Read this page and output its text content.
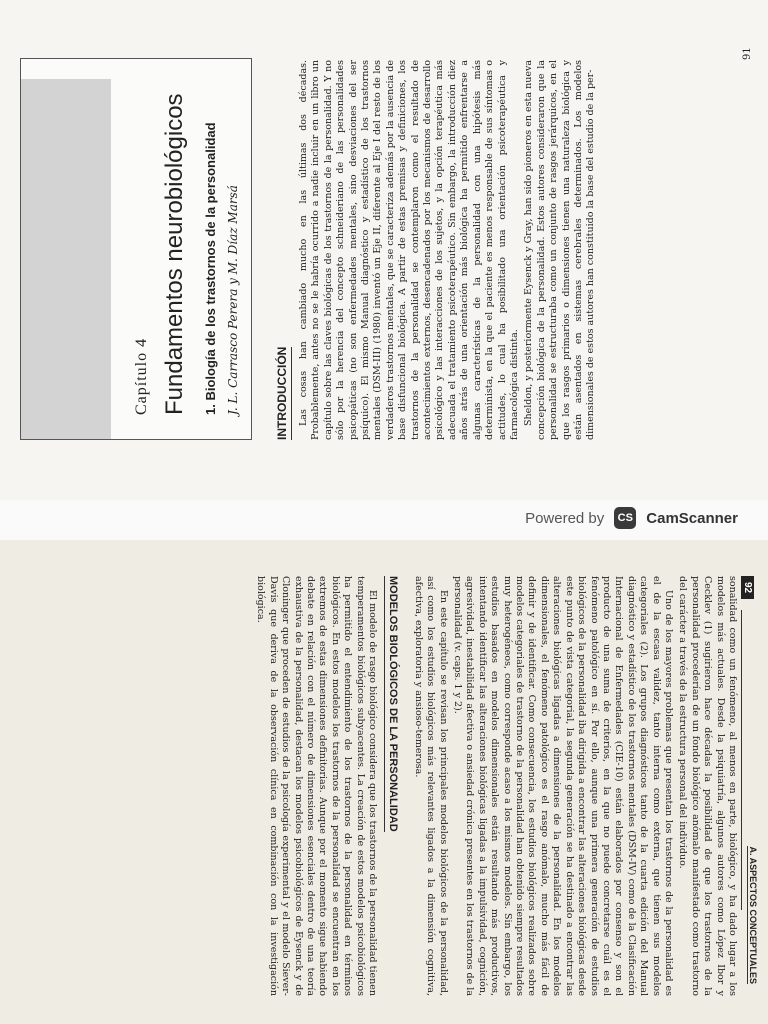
Capítulo 4 Fundamentos neurobiológicos 1. Biología de los trastornos de la personalidad J. L. Carrasco Perera y M. Díaz Marsá	INTRODUCCIÓN Las cosas han cambiado mucho en las últimas dos décadas. Probablemente, antes no se le habría ocurrido a nadie incluir en un libro un capítulo sobre las claves biológicas de los trastornos de la personalidad. Y no sólo por la herencia del concepto schneideriano de las personalidades psicopáticas (no son enfermedades mentales, sino desviaciones del ser psíquico). El mismo Manual diagnóstico y estadístico de los trastornos mentales (DSM-III) (1980) inventó un Eje II, diferente al Eje I del resto de los verdaderos trastornos mentales, que se caracteriza además por la ausencia de base disfuncional biológica. A partir de estas premisas y definiciones, los trastornos de la personalidad se contemplaron como el resultado de acontecimientos externos, desencadenados por los mecanismos de desarrollo psicológico y las interacciones de los sujetos, y la opción terapéutica más adecuada el tratamiento psicoterapéutico. Sin embargo, la introducción diez años atrás de una orientación más biológica ha permitido enfrentarse a algunas características de la personalidad con una hipótesis más determinista, en la que el paciente es menos responsable de sus síntomas o actitudes, lo cual ha posibilitado una orientación psicoterapéutica y farmacológica distinta. Sheldon, y posteriormente Eysenck y Gray, han sido pioneros en esta nueva concepción biológica de la personalidad. Estos autores consideraron que la personalidad se estructuraba como un conjunto de rasgos jerárquicos, en el que los rasgos primarios o dimensiones tienen una naturaleza biológica y están asentados en sistemas cerebrales determinados. Los modelos dimensionales de estos autores han constituido la base del estudio de la per-

91
Powered by	CS CamScanner
92
A. ASPECTOS CONCEPTUALES

sonalidad como un fenómeno, al menos en parte, biológico, y ha dado lugar a los modelos más actuales. Desde la psiquiatría, algunos autores como López Ibor y Cecklev (1) sugirieron hace décadas la posibilidad de que los trastornos de la personalidad procederían de un fondo biológico anómalo manifestado como trastorno del carácter a través de la estructura personal del individuo.

Uno de los mayores problemas que presentan los trastornos de la personalidad es el de la escasa validez, tanto interna como externa, que tienen sus modelos categoriales (2). Los grupos diagnósticos tanto de la cuarta edición del Manual diagnóstico y estadístico de los trastornos mentales (DSM-IV) como de la Clasificación Internacional de Enfermedades (CIE-10) están elaborados por consenso y son el producto de una suma de criterios, en la que no puede concretarse cuál es el fenómeno patológico en sí. Por ello, aunque una primera generación de estudios biológicos de la personalidad iba dirigida a encontrar las alteraciones biológicas desde este punto de vista categorial, la segunda generación se ha destinado a encontrar las alteraciones biológicas ligadas a dimensiones de la personalidad. En los modelos dimensionales, el fenómeno patológico es el rasgo anómalo, mucho más fácil de definir y de identificar. Como consecuencia, los estudios biológicos realizados sobre modelos categoriales de trastorno de la personalidad han obtenido siempre resultados muy heterogéneos, como corresponde acaso a los mismos modelos. Sin embargo, los estudios basados en modelos dimensionales están resultando más productivos, intentando identificar las alteraciones biológicas ligadas a la impulsividad, cognición, agresividad, inestabilidad afectiva o ansiedad crónica presentes en los trastornos de la personalidad (v. caps. 1 y 2).

En este capítulo se revisan los principales modelos biológicos de la personalidad, así como los estudios biológicos más relevantes ligados a la dimensión cognitiva, afectiva, exploratoria y ansioso-temerosa.

MODELOS BIOLÓGICOS DE LA PERSONALIDAD

El modelo de rasgo biológico considera que los trastornos de la personalidad tienen temperamentos biológicos subyacentes. La creación de estos modelos psicobiológicos ha permitido el entendimiento de los trastornos de la personalidad en términos biológicos. En estos modelos los trastornos de la personalidad se encuentran en los extremos de estas dimensiones definitorias. Aunque por el momento sigue habiendo debate en relación con el número de dimensiones esenciales dentro de una teoría exhaustiva de la personalidad, destacan los modelos psicobiológicos de Eysenck y de Cloninger que proceden de estudios de la psicología experimental y el modelo Siever-Davis que deriva de la observación clínica en combinación con la investigación biológica.
